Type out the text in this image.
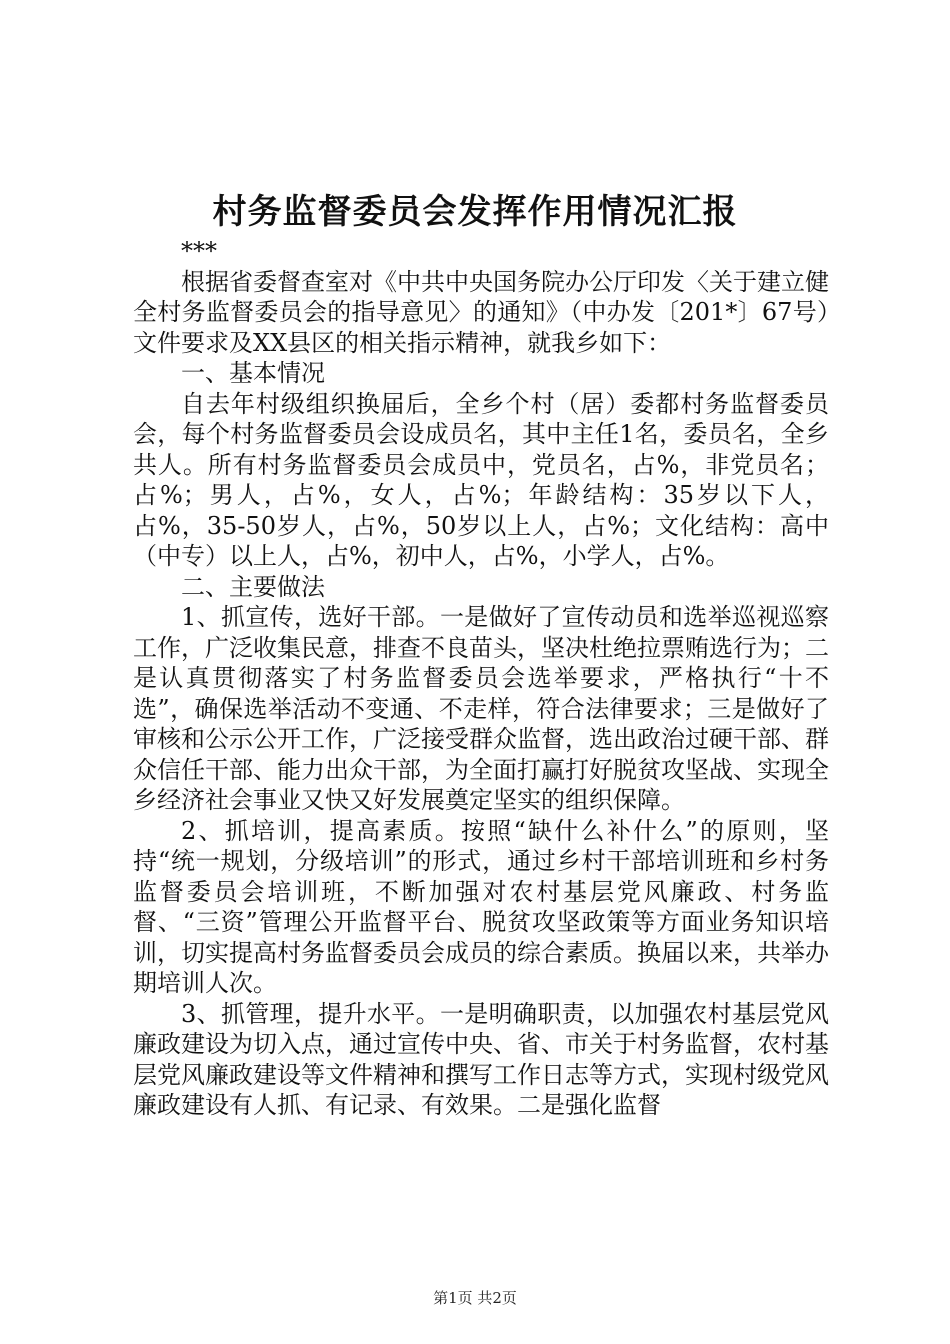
村务监督委员会发挥作用情况汇报

***

根据省委督查室对《中共中央国务院办公厅印发〈关于建立健全村务监督委员会的指导意见〉的通知》（中办发〔201*〕67号）文件要求及XX县区的相关指示精神，就我乡如下：

一、基本情况

自去年村级组织换届后，全乡个村（居）委都村务监督委员会，每个村务监督委员会设成员名，其中主任1名，委员名，全乡共人。所有村务监督委员会成员中，党员名，占%，非党员名；占%；男人，占%，女人，占%；年龄结构：35岁以下人，占%，35-50岁人，占%，50岁以上人，占%；文化结构：高中（中专）以上人，占%，初中人，占%，小学人，占%。

二、主要做法

1、抓宣传，选好干部。一是做好了宣传动员和选举巡视巡察工作，广泛收集民意，排查不良苗头，坚决杜绝拉票贿选行为；二是认真贯彻落实了村务监督委员会选举要求，严格执行“十不选”，确保选举活动不变通、不走样，符合法律要求；三是做好了审核和公示公开工作，广泛接受群众监督，选出政治过硬干部、群众信任干部、能力出众干部，为全面打赢打好脱贫攻坚战、实现全乡经济社会事业又快又好发展奠定坚实的组织保障。

2、抓培训，提高素质。按照“缺什么补什么”的原则，坚持“统一规划，分级培训”的形式，通过乡村干部培训班和乡村务监督委员会培训班，不断加强对农村基层党风廉政、村务监督、“三资”管理公开监督平台、脱贫攻坚政策等方面业务知识培训，切实提高村务监督委员会成员的综合素质。换届以来，共举办期培训人次。

3、抓管理，提升水平。一是明确职责，以加强农村基层党风廉政建设为切入点，通过宣传中央、省、市关于村务监督，农村基层党风廉政建设等文件精神和撰写工作日志等方式，实现村级党风廉政建设有人抓、有记录、有效果。二是强化监督

第1页 共2页
